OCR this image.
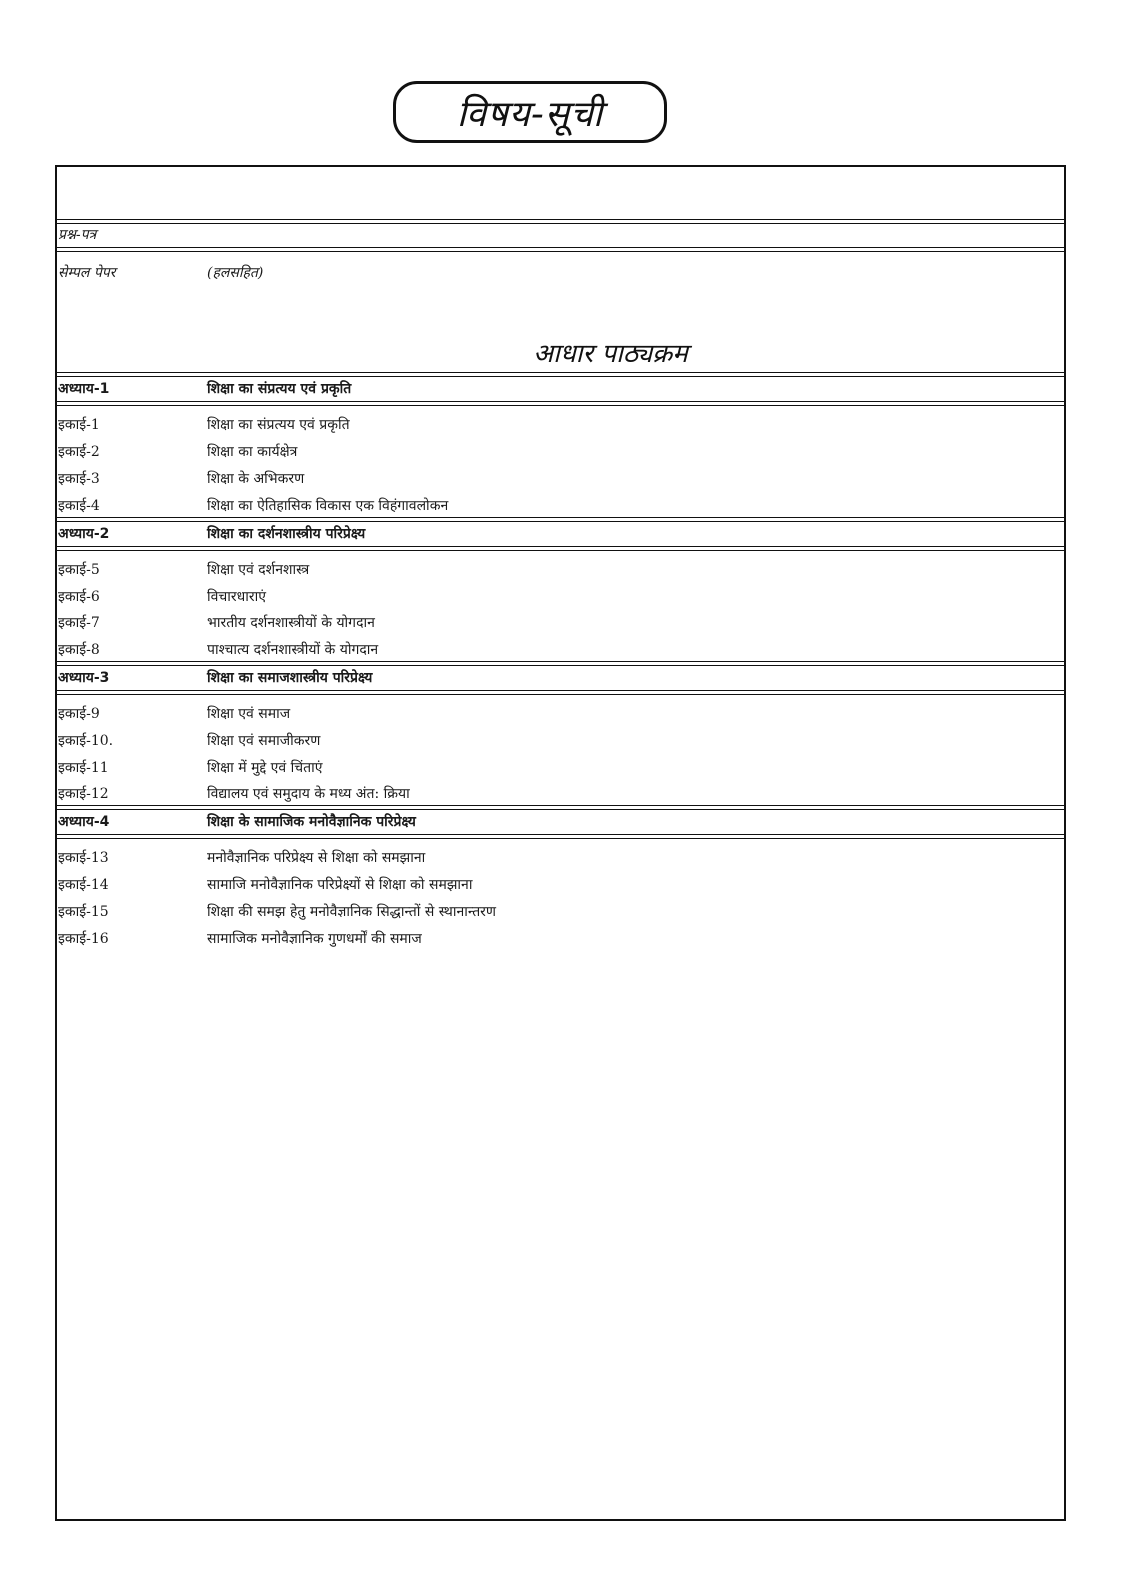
विषय-सूची
प्रश्न-पत्र
सेम्पल पेपर	(हलसहित)
आधार पाठ्यक्रम
अध्याय-1	शिक्षा का संप्रत्यय एवं प्रकृति
इकाई-1	शिक्षा का संप्रत्यय एवं प्रकृति
इकाई-2	शिक्षा का कार्यक्षेत्र
इकाई-3	शिक्षा के अभिकरण
इकाई-4	शिक्षा का ऐतिहासिक विकास एक विहंगावलोकन
अध्याय-2	शिक्षा का दर्शनशास्त्रीय परिप्रेक्ष्य
इकाई-5	शिक्षा एवं दर्शनशास्त्र
इकाई-6	विचारधाराएं
इकाई-7	भारतीय दर्शनशास्त्रीयों के योगदान
इकाई-8	पाश्चात्य दर्शनशास्त्रीयों के योगदान
अध्याय-3	शिक्षा का समाजशास्त्रीय परिप्रेक्ष्य
इकाई-9	शिक्षा एवं समाज
इकाई-10.	शिक्षा एवं समाजीकरण
इकाई-11	शिक्षा में मुद्दे एवं चिंताएं
इकाई-12	विद्यालय एवं समुदाय के मध्य अंत: क्रिया
अध्याय-4	शिक्षा के सामाजिक मनोवैज्ञानिक परिप्रेक्ष्य
इकाई-13	मनोवैज्ञानिक परिप्रेक्ष्य से शिक्षा को समझाना
इकाई-14	सामाजि मनोवैज्ञानिक परिप्रेक्ष्यों से शिक्षा को समझाना
इकाई-15	शिक्षा की समझ हेतु मनोवैज्ञानिक सिद्धान्तों से स्थानान्तरण
इकाई-16	सामाजिक मनोवैज्ञानिक गुणधर्मों की समाज
